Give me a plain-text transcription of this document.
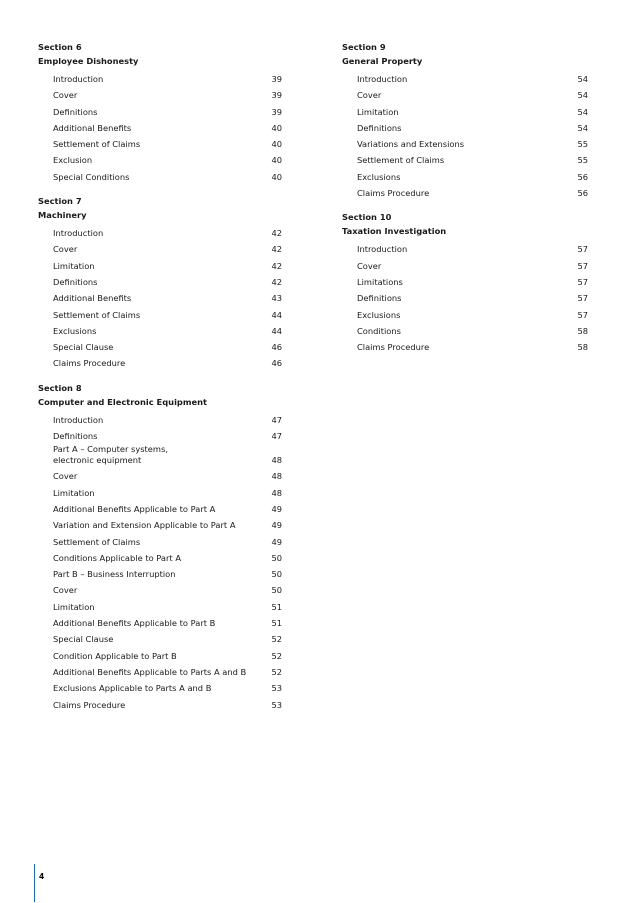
Section 6
Employee Dishonesty
Introduction	39
Cover	39
Definitions	39
Additional Benefits	40
Settlement of Claims	40
Exclusion	40
Special Conditions	40
Section 7
Machinery
Introduction	42
Cover	42
Limitation	42
Definitions	42
Additional Benefits	43
Settlement of Claims	44
Exclusions	44
Special Clause	46
Claims Procedure	46
Section 8
Computer and Electronic Equipment
Introduction	47
Definitions	47
Part A – Computer systems,
electronic equipment	48
Cover	48
Limitation	48
Additional Benefits Applicable to Part A	49
Variation and Extension Applicable to Part A	49
Settlement of Claims	49
Conditions Applicable to Part A	50
Part B – Business Interruption	50
Cover	50
Limitation	51
Additional Benefits Applicable to Part B	51
Special Clause	52
Condition Applicable to Part B	52
Additional Benefits Applicable to Parts A and B	52
Exclusions Applicable to Parts A and B	53
Claims Procedure	53
Section 9
General Property
Introduction	54
Cover	54
Limitation	54
Definitions	54
Variations and Extensions	55
Settlement of Claims	55
Exclusions	56
Claims Procedure	56
Section 10
Taxation Investigation
Introduction	57
Cover	57
Limitations	57
Definitions	57
Exclusions	57
Conditions	58
Claims Procedure	58
4
